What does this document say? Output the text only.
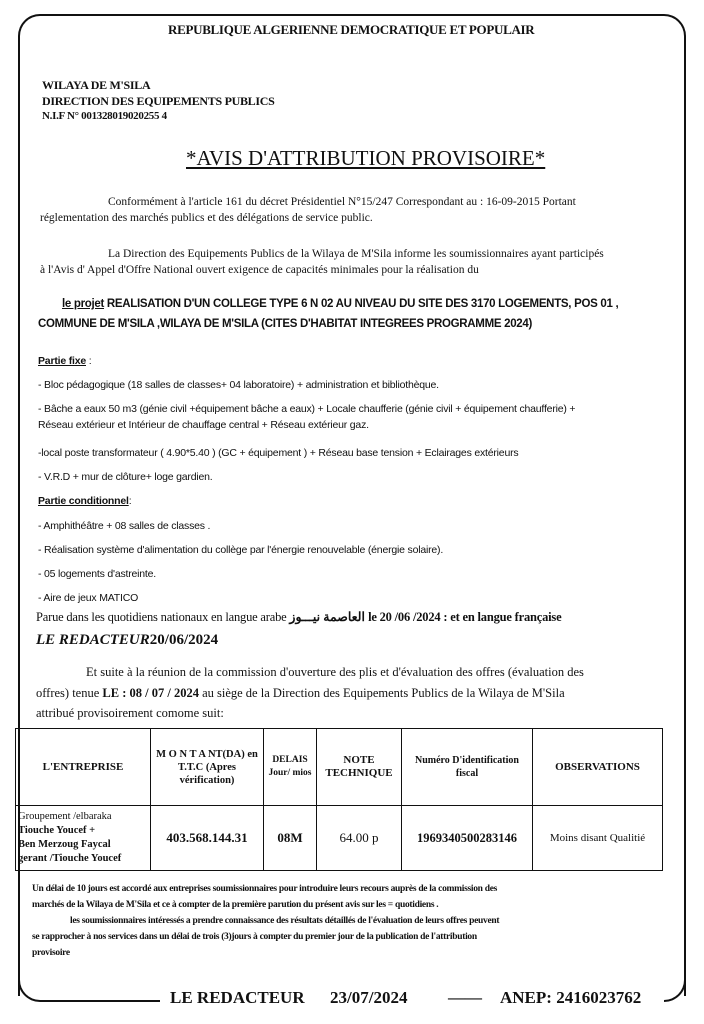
REPUBLIQUE ALGERIENNE DEMOCRATIQUE ET POPULAIR
WILAYA DE M'SILA
DIRECTION DES EQUIPEMENTS PUBLICS
N.I.F N° 001328019020255 4
*AVIS D'ATTRIBUTION PROVISOIRE*
Conformément à l'article 161 du décret Présidentiel N°15/247 Correspondant au : 16-09-2015 Portant
réglementation des marchés publics et des délégations de service public.
La Direction des Equipements Publics de la Wilaya de M'Sila informe les soumissionnaires ayant participés
à l'Avis d' Appel d'Offre National ouvert exigence de capacités minimales pour la réalisation du
le projet REALISATION D'UN COLLEGE TYPE 6 N 02 AU NIVEAU DU SITE DES 3170 LOGEMENTS, POS 01 ,
COMMUNE DE M'SILA ,WILAYA DE M'SILA (CITES D'HABITAT INTEGREES PROGRAMME 2024)
Partie fixe :
- Bloc pédagogique (18 salles de classes+ 04 laboratoire) + administration et bibliothèque.
- Bâche a eaux 50 m3 (génie civil +équipement bâche a eaux) + Locale chaufferie (génie civil + équipement chaufferie) +
Réseau extérieur et Intérieur de chauffage central + Réseau extérieur gaz.
-local poste transformateur ( 4.90*5.40 ) (GC + équipement ) + Réseau base tension + Eclairages extérieurs
- V.R.D + mur de clôture+ loge gardien.
Partie conditionnel:
- Amphithéâtre + 08 salles de classes .
- Réalisation système d'alimentation du collège par l'énergie renouvelable (énergie solaire).
- 05 logements d'astreinte.
- Aire de jeux MATICO
Parue dans les quotidiens nationaux en langue arabe العاصمة نيـــوز le 20 /06 /2024 : et en langue française
LE REDACTEUR20/06/2024
Et suite à la réunion de la commission d'ouverture des plis et d'évaluation des offres (évaluation des
offres) tenue LE : 08 / 07 / 2024 au siège de la Direction des Equipements Publics de la Wilaya de M'Sila
attribué provisoirement comome suit:
L'ENTREPRISE	M O N T A NT(DA) en T.T.C (Apres vérification)	DELAIS Jour/ mios	NOTE TECHNIQUE	Numéro D'identification fiscal	OBSERVATIONS

Groupement /elbaraka
Tiouche Youcef +
Ben Merzoug Faycal
gerant /Tiouche Youcef	403.568.144.31	08M	64.00 p	1969340500283146	Moins disant Qualitié
Un délai de 10 jours est accordé aux entreprises soumissionnaires pour introduire leurs recours auprès de la commission des
marchés de la Wilaya de M'Sila et ce à compter de la première parution du présent avis sur les = quotidiens .
les soumissionnaires intéressés a prendre connaissance des résultats détaillés de l'évaluation de leurs offres peuvent
se rapprocher à nos services dans un délai de trois (3)jours à compter du premier jour de la publication de l'attribution
provisoire
LE REDACTEUR	23/07/2024 —— ANEP: 2416023762
